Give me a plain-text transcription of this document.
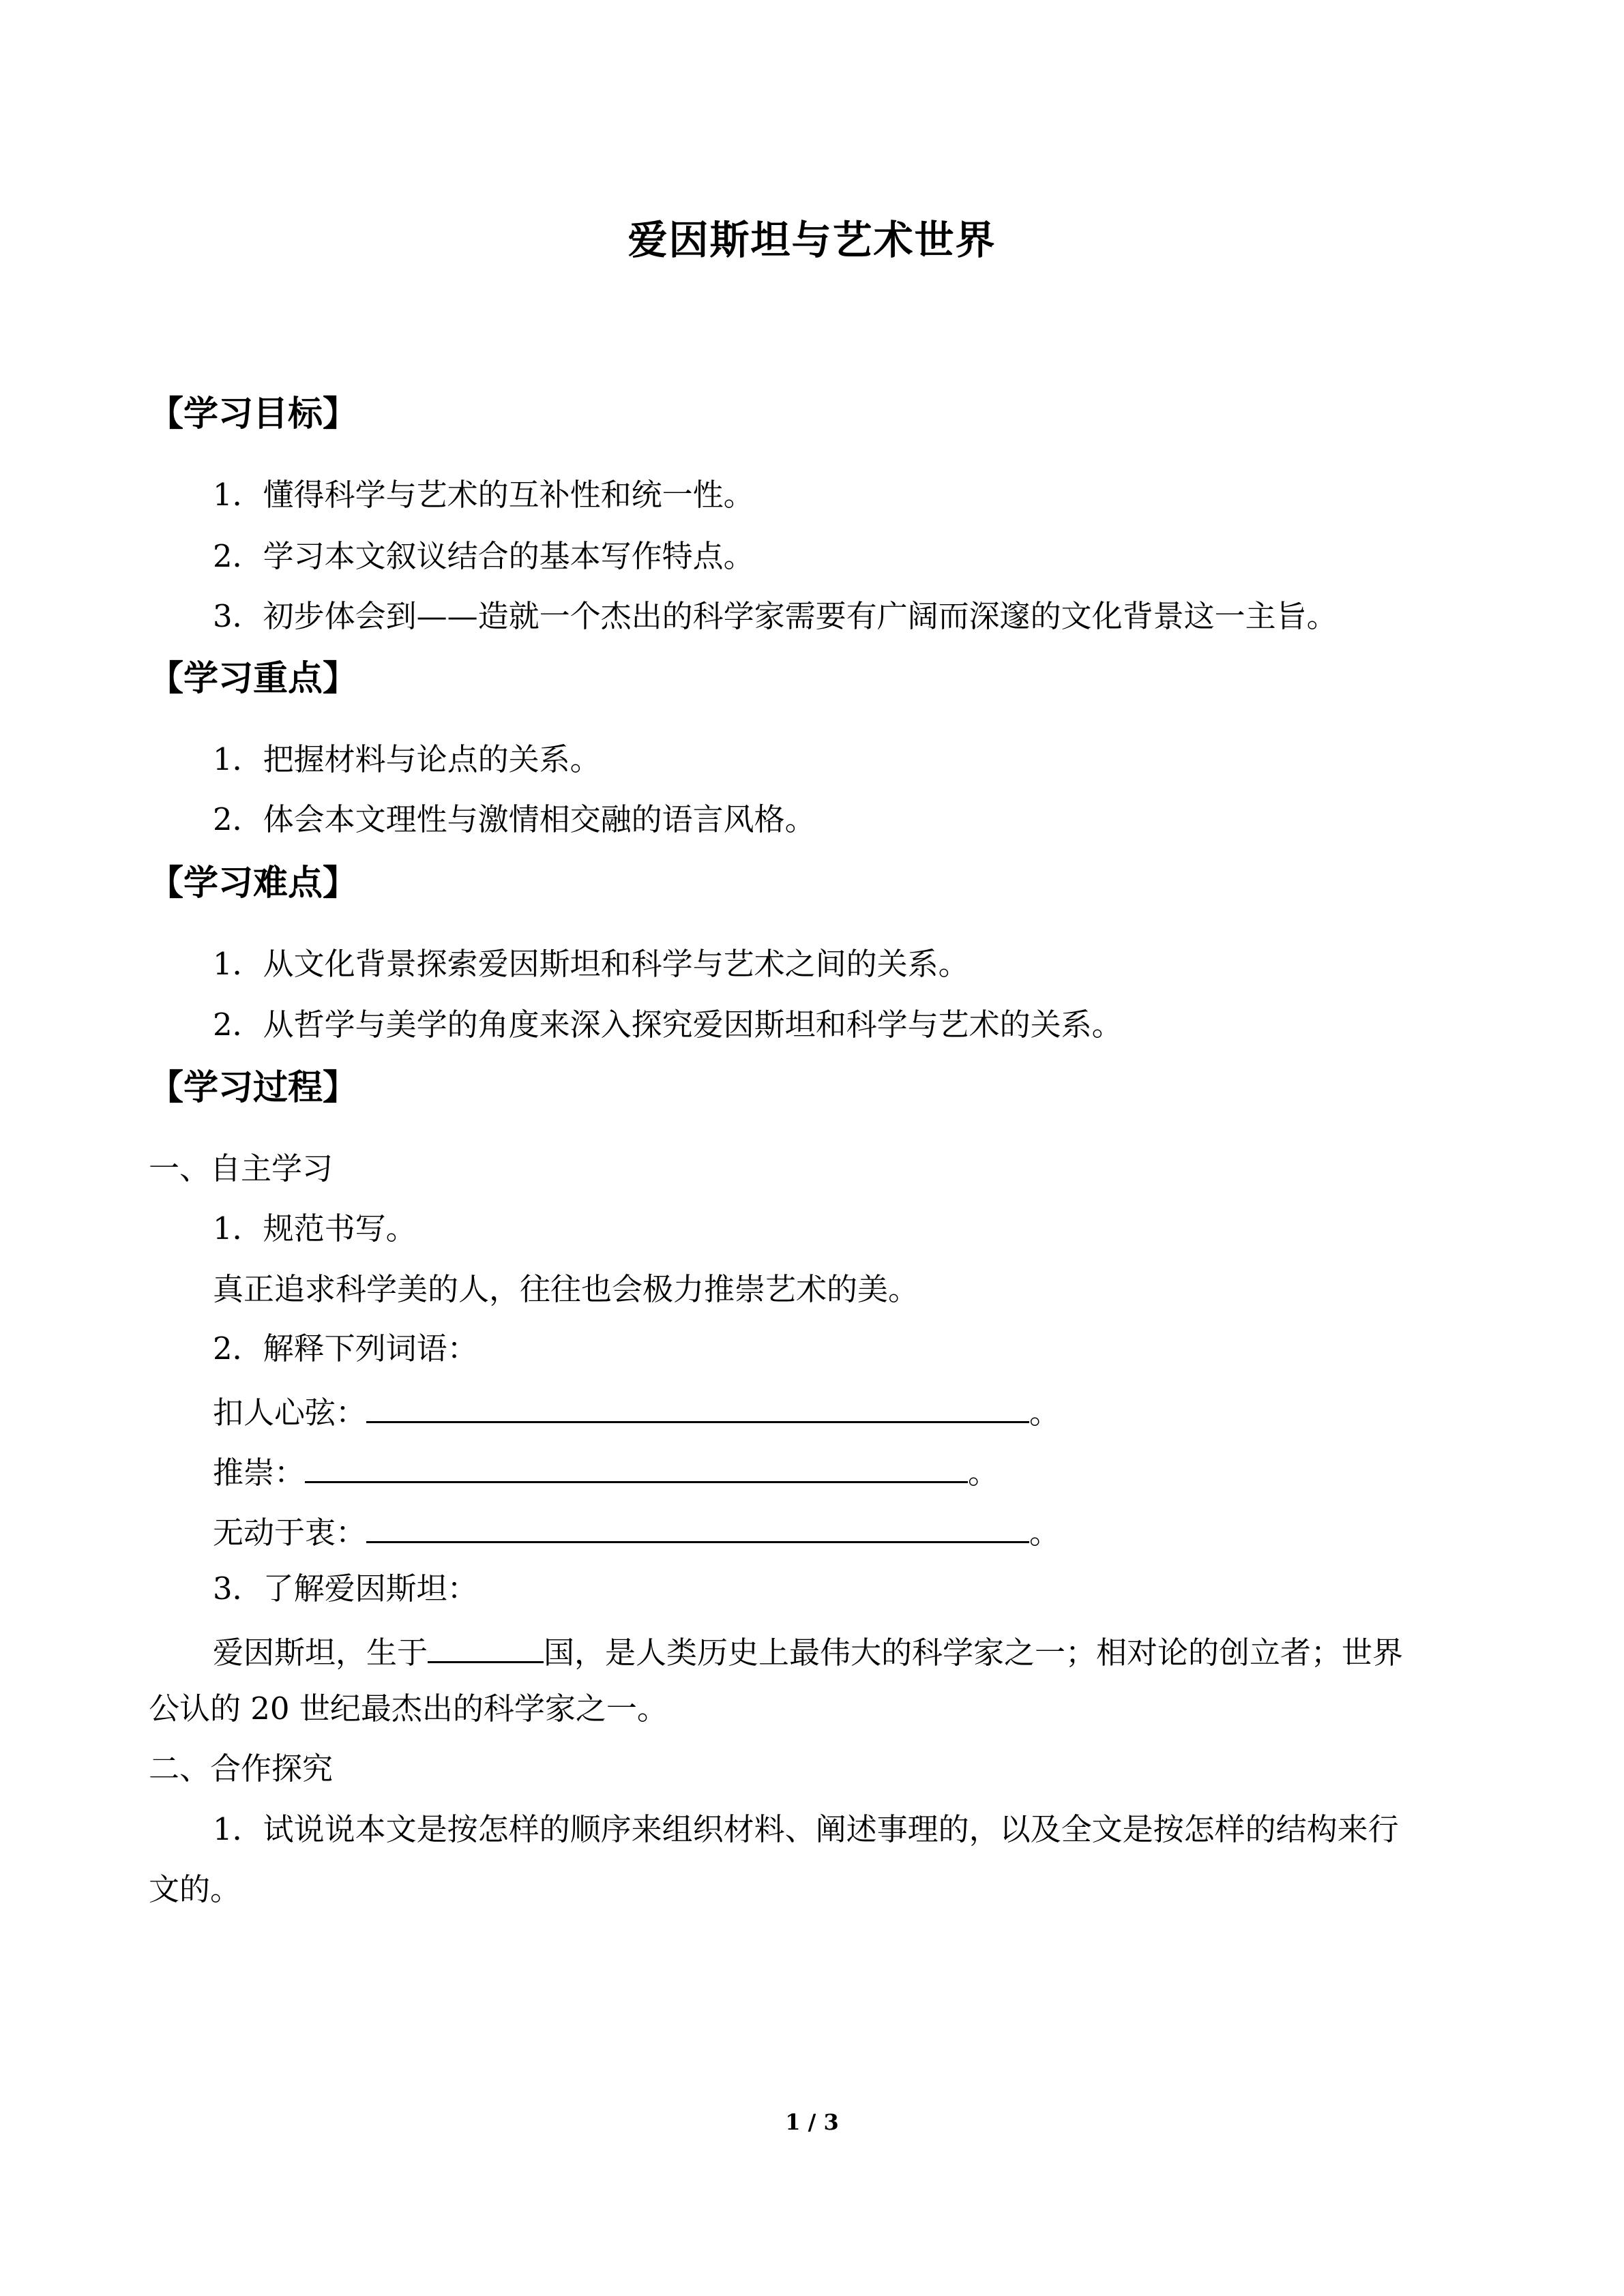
爱因斯坦与艺术世界
【学习目标】
1．懂得科学与艺术的互补性和统一性。
2．学习本文叙议结合的基本写作特点。
3．初步体会到——造就一个杰出的科学家需要有广阔而深邃的文化背景这一主旨。
【学习重点】
1．把握材料与论点的关系。
2．体会本文理性与激情相交融的语言风格。
【学习难点】
1．从文化背景探索爱因斯坦和科学与艺术之间的关系。
2．从哲学与美学的角度来深入探究爱因斯坦和科学与艺术的关系。
【学习过程】
一、自主学习
1．规范书写。
真正追求科学美的人，往往也会极力推崇艺术的美。
2．解释下列词语：
扣人心弦：	。
推崇：	。
无动于衷：	。
3．了解爱因斯坦：
爱因斯坦，生于	国，是人类历史上最伟大的科学家之一；相对论的创立者；世界
公认的 20 世纪最杰出的科学家之一。
二、合作探究
1．试说说本文是按怎样的顺序来组织材料、阐述事理的，以及全文是按怎样的结构来行
文的。
1 / 3
